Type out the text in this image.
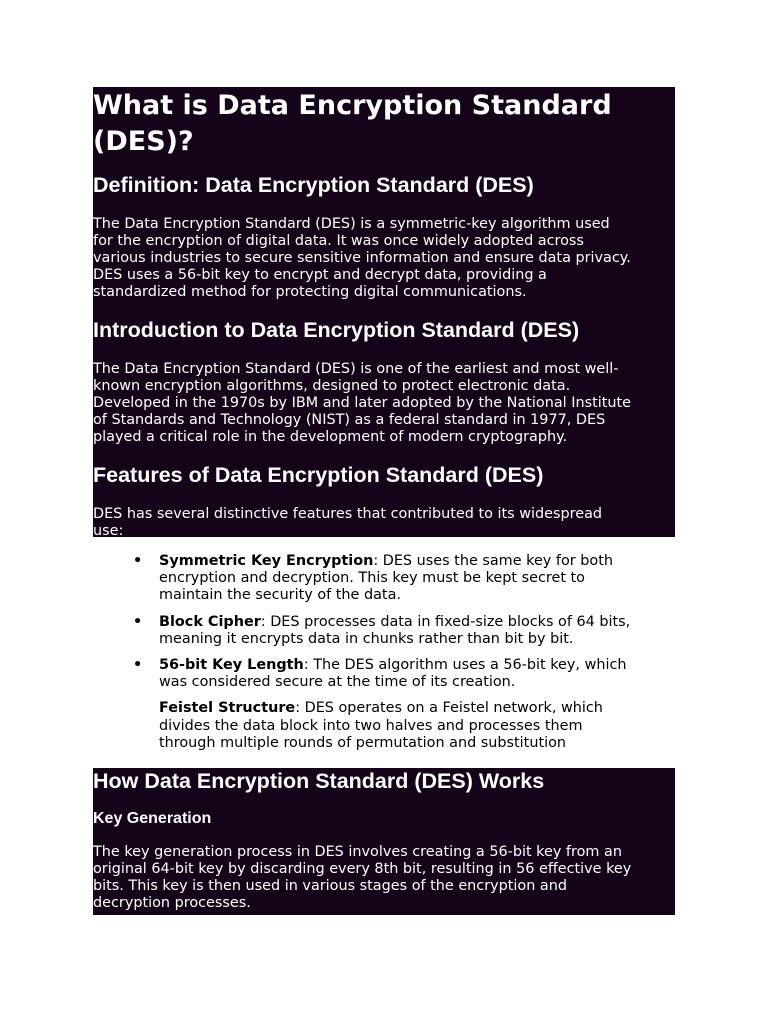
What is Data Encryption Standard
(DES)?
Definition: Data Encryption Standard (DES)

The Data Encryption Standard (DES) is a symmetric-key algorithm used
for the encryption of digital data. It was once widely adopted across
various industries to secure sensitive information and ensure data privacy.
DES uses a 56-bit key to encrypt and decrypt data, providing a
standardized method for protecting digital communications.

Introduction to Data Encryption Standard (DES)

The Data Encryption Standard (DES) is one of the earliest and most well-
known encryption algorithms, designed to protect electronic data.
Developed in the 1970s by IBM and later adopted by the National Institute
of Standards and Technology (NIST) as a federal standard in 1977, DES
played a critical role in the development of modern cryptography.

Features of Data Encryption Standard (DES)

DES has several distinctive features that contributed to its widespread
use:

• Symmetric Key Encryption: DES uses the same key for both
encryption and decryption. This key must be kept secret to
maintain the security of the data.
• Block Cipher: DES processes data in fixed-size blocks of 64 bits,
meaning it encrypts data in chunks rather than bit by bit.
• 56-bit Key Length: The DES algorithm uses a 56-bit key, which
was considered secure at the time of its creation.
Feistel Structure: DES operates on a Feistel network, which
divides the data block into two halves and processes them
through multiple rounds of permutation and substitution
How Data Encryption Standard (DES) Works
Key Generation

The key generation process in DES involves creating a 56-bit key from an
original 64-bit key by discarding every 8th bit, resulting in 56 effective key
bits. This key is then used in various stages of the encryption and
decryption processes.
